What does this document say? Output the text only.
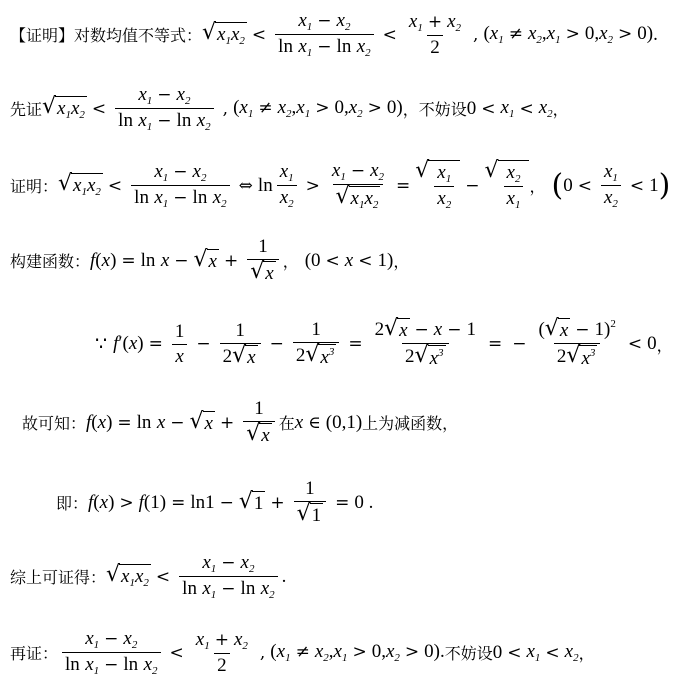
【证明】对数均值不等式： √ $x_1x_2 < \frac{x_1 - x_2}{\ln x_1 - \ln x_2} < \frac{x_1 + x_2}{2}$ , $(x_1 \ne x_2,x_1 > 0,x_2 > 0)$ .
先证 √ $x_1x_2 < \frac{x_1 - x_2}{\ln x_1 - \ln x_2}$ , $(x_1 \ne x_2,x_1 > 0,x_2 > 0)$ ，不妨设 $0 < x_1 < x_2$ ，
证明： √ $x_1x_2 < \frac{x_1 - x_2}{\ln x_1 - \ln x_2}$ ⇔ $\ln \frac{x_1}{x_2} > \frac{x_1 - x_2}{√ x_1x_2}$ =
√ $\frac{x_1}{x_2}$ −
√ $\frac{x_2}{x_1}$ ， ( $0 < \frac{x_1}{x_2} < 1$ )
构建函数： f ( x ) = ln
x − √ $x + \frac{1}{√ x}$ ， (0 < x < 1) ，
∵ f ′( x ) = $\frac{1}{x} - \frac{1}{2 √ x} - \frac{1}{2 √ x^3} = \frac{2 √ x - x - 1}{2 √ x^3}$ = − $\frac{( √ x - 1)^2}{2 √ x^3} < 0$ ，
故可知： f ( x ) = ln
x − √ $x + \frac{1}{√ x}$ 在 x ∈ (0,1) 上为减函数，
即： f ( x ) > f (1) = ln1 − √ $1 + \frac{1}{√ 1} = 0$ .
综上可证得： √ $x_1x_2 < \frac{x_1 - x_2}{\ln x_1 - \ln x_2}$ .
再证： $\frac{x_1 - x_2}{\ln x_1 - \ln x_2} < \frac{x_1 + x_2}{2}$ , $(x_1 \ne x_2,x_1 > 0,x_2 > 0)$. 不妨设 $0 < x_1 < x_2$ ，
